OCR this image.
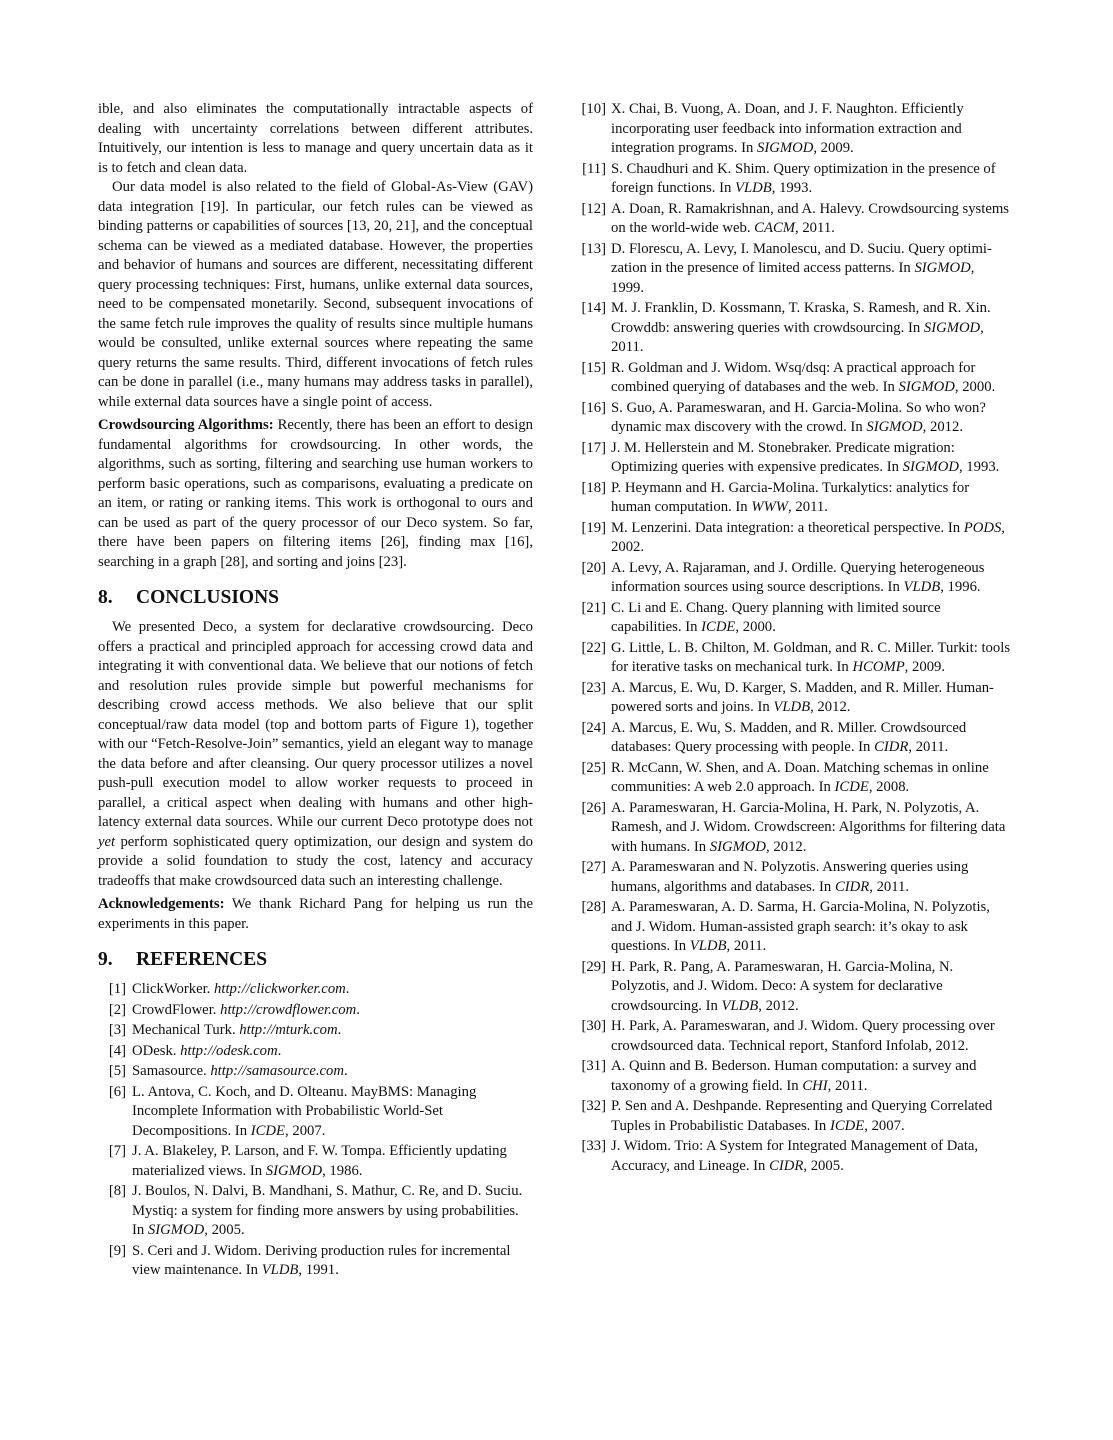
ible, and also eliminates the computationally intractable aspects of dealing with uncertainty correlations between different attributes. Intuitively, our intention is less to manage and query uncertain data as it is to fetch and clean data.

Our data model is also related to the field of Global-As-View (GAV) data integration [19]. In particular, our fetch rules can be viewed as binding patterns or capabilities of sources [13, 20, 21], and the conceptual schema can be viewed as a mediated database. However, the properties and behavior of humans and sources are different, necessitating different query processing techniques: First, humans, unlike external data sources, need to be compensated monetarily. Second, subsequent invocations of the same fetch rule improves the quality of results since multiple humans would be consulted, unlike external sources where repeating the same query returns the same results. Third, different invocations of fetch rules can be done in parallel (i.e., many humans may address tasks in parallel), while external data sources have a single point of access.

Crowdsourcing Algorithms: Recently, there has been an effort to design fundamental algorithms for crowdsourcing. In other words, the algorithms, such as sorting, filtering and searching use human workers to perform basic operations, such as comparisons, evaluating a predicate on an item, or rating or ranking items. This work is orthogonal to ours and can be used as part of the query processor of our Deco system. So far, there have been papers on filtering items [26], finding max [16], searching in a graph [28], and sorting and joins [23].

8. CONCLUSIONS

We presented Deco, a system for declarative crowdsourcing. Deco offers a practical and principled approach for accessing crowd data and integrating it with conventional data. We believe that our notions of fetch and resolution rules provide simple but powerful mechanisms for describing crowd access methods. We also believe that our split conceptual/raw data model (top and bottom parts of Figure 1), together with our “Fetch-Resolve-Join” semantics, yield an elegant way to manage the data before and after cleansing. Our query processor utilizes a novel push-pull execution model to allow worker requests to proceed in parallel, a critical aspect when dealing with humans and other high-latency external data sources. While our current Deco prototype does not yet perform sophisticated query optimization, our design and system do provide a solid foundation to study the cost, latency and accuracy tradeoffs that make crowdsourced data such an interesting challenge.

Acknowledgements: We thank Richard Pang for helping us run the experiments in this paper.

9. REFERENCES
[1] ClickWorker. http://clickworker.com.
[2] CrowdFlower. http://crowdflower.com.
[3] Mechanical Turk. http://mturk.com.
[4] ODesk. http://odesk.com.
[5] Samasource. http://samasource.com.
[6] L. Antova, C. Koch, and D. Olteanu. MayBMS: Managing Incomplete Information with Probabilistic World-Set Decompositions. In ICDE, 2007.
[7] J. A. Blakeley, P. Larson, and F. W. Tompa. Efficiently updating materialized views. In SIGMOD, 1986.
[8] J. Boulos, N. Dalvi, B. Mandhani, S. Mathur, C. Re, and D. Suciu. Mystiq: a system for finding more answers by using probabilities. In SIGMOD, 2005.
[9] S. Ceri and J. Widom. Deriving production rules for incremental view maintenance. In VLDB, 1991.
[10] X. Chai, B. Vuong, A. Doan, and J. F. Naughton. Efficiently incorporating user feedback into information extraction and integration programs. In SIGMOD, 2009.
[11] S. Chaudhuri and K. Shim. Query optimization in the presence of foreign functions. In VLDB, 1993.
[12] A. Doan, R. Ramakrishnan, and A. Halevy. Crowdsourcing systems on the world-wide web. CACM, 2011.
[13] D. Florescu, A. Levy, I. Manolescu, and D. Suciu. Query optimi- zation in the presence of limited access patterns. In SIGMOD, 1999.
[14] M. J. Franklin, D. Kossmann, T. Kraska, S. Ramesh, and R. Xin. Crowddb: answering queries with crowdsourcing. In SIGMOD, 2011.
[15] R. Goldman and J. Widom. Wsq/dsq: A practical approach for combined querying of databases and the web. In SIGMOD, 2000.
[16] S. Guo, A. Parameswaran, and H. Garcia-Molina. So who won? dynamic max discovery with the crowd. In SIGMOD, 2012.
[17] J. M. Hellerstein and M. Stonebraker. Predicate migration: Optimizing queries with expensive predicates. In SIGMOD, 1993.
[18] P. Heymann and H. Garcia-Molina. Turkalytics: analytics for human computation. In WWW, 2011.
[19] M. Lenzerini. Data integration: a theoretical perspective. In PODS, 2002.
[20] A. Levy, A. Rajaraman, and J. Ordille. Querying heterogeneous information sources using source descriptions. In VLDB, 1996.
[21] C. Li and E. Chang. Query planning with limited source capabilities. In ICDE, 2000.
[22] G. Little, L. B. Chilton, M. Goldman, and R. C. Miller. Turkit: tools for iterative tasks on mechanical turk. In HCOMP, 2009.
[23] A. Marcus, E. Wu, D. Karger, S. Madden, and R. Miller. Human-powered sorts and joins. In VLDB, 2012.
[24] A. Marcus, E. Wu, S. Madden, and R. Miller. Crowdsourced databases: Query processing with people. In CIDR, 2011.
[25] R. McCann, W. Shen, and A. Doan. Matching schemas in online communities: A web 2.0 approach. In ICDE, 2008.
[26] A. Parameswaran, H. Garcia-Molina, H. Park, N. Polyzotis, A. Ramesh, and J. Widom. Crowdscreen: Algorithms for filtering data with humans. In SIGMOD, 2012.
[27] A. Parameswaran and N. Polyzotis. Answering queries using humans, algorithms and databases. In CIDR, 2011.
[28] A. Parameswaran, A. D. Sarma, H. Garcia-Molina, N. Polyzotis, and J. Widom. Human-assisted graph search: it’s okay to ask questions. In VLDB, 2011.
[29] H. Park, R. Pang, A. Parameswaran, H. Garcia-Molina, N. Polyzotis, and J. Widom. Deco: A system for declarative crowdsourcing. In VLDB, 2012.
[30] H. Park, A. Parameswaran, and J. Widom. Query processing over crowdsourced data. Technical report, Stanford Infolab, 2012.
[31] A. Quinn and B. Bederson. Human computation: a survey and taxonomy of a growing field. In CHI, 2011.
[32] P. Sen and A. Deshpande. Representing and Querying Correlated Tuples in Probabilistic Databases. In ICDE, 2007.
[33] J. Widom. Trio: A System for Integrated Management of Data, Accuracy, and Lineage. In CIDR, 2005.
